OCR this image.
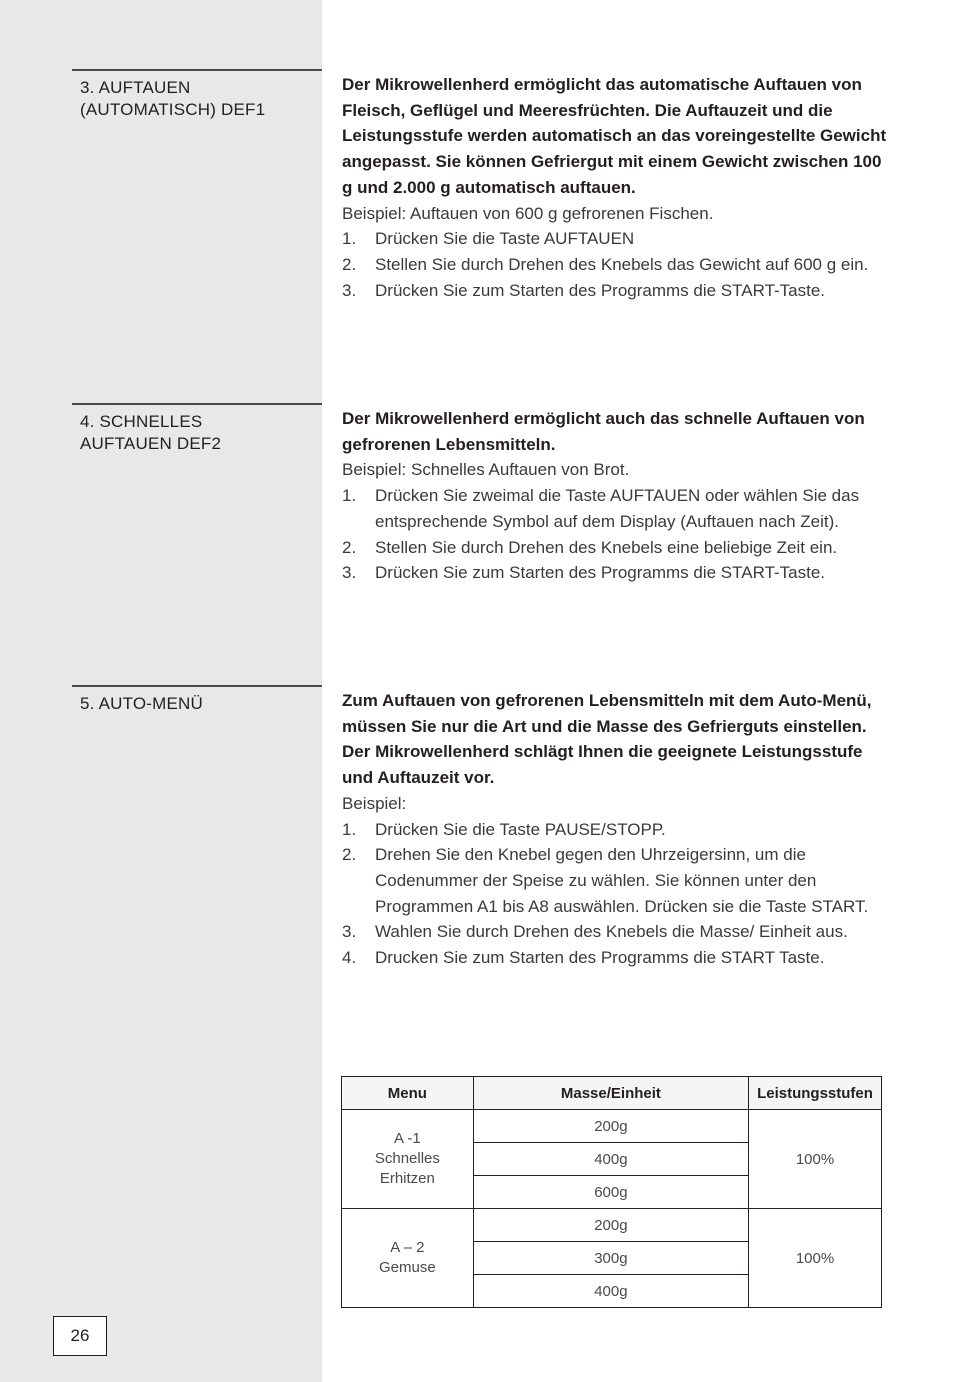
3. AUFTAUEN
(AUTOMATISCH) DEF1

Der Mikrowellenherd ermöglicht das automatische Auftauen von Fleisch, Geflügel und Meeresfrüchten. Die Auftauzeit und die Leistungsstufe werden automatisch an das voreingestellte Gewicht angepasst. Sie können Gefriergut mit einem Gewicht zwischen 100 g und 2.000 g automatisch auftauen.

Beispiel: Auftauen von 600 g gefrorenen Fischen.

1. Drücken Sie die Taste AUFTAUEN
2. Stellen Sie durch Drehen des Knebels das Gewicht auf 600 g ein.
3. Drücken Sie zum Starten des Programms die START-Taste.
4. SCHNELLES
AUFTAUEN DEF2

Der Mikrowellenherd ermöglicht auch das schnelle Auftauen von gefrorenen Lebensmitteln.

Beispiel: Schnelles Auftauen von Brot.

1. Drücken Sie zweimal die Taste AUFTAUEN oder wählen Sie das entsprechende Symbol auf dem Display (Auftauen nach Zeit).
2. Stellen Sie durch Drehen des Knebels eine beliebige Zeit ein.
3. Drücken Sie zum Starten des Programms die START-Taste.
5. AUTO-MENÜ	Zum Auftauen von gefrorenen Lebensmitteln mit dem Auto-Menü, müssen Sie nur die Art und die Masse des Gefrierguts einstellen. Der Mikrowellenherd schlägt Ihnen die geeignete Leistungsstufe und Auftauzeit vor.

Beispiel:

1. Drücken Sie die Taste PAUSE/STOPP.
2. Drehen Sie den Knebel gegen den Uhrzeigersinn, um die Codenummer der Speise zu wählen. Sie können unter den Programmen A1 bis A8 auswählen. Drücken sie die Taste START.
3. Wahlen Sie durch Drehen des Knebels die Masse/ Einheit aus.
4. Drucken Sie zum Starten des Programms die START Taste.
Menu	Masse/Einheit	Leistungsstufen

A -1
Schnelles
Erhitzen	200g	100%
	400g	
	600g	

A – 2
Gemuse	200g	100%
	300g	
	400g	
26
